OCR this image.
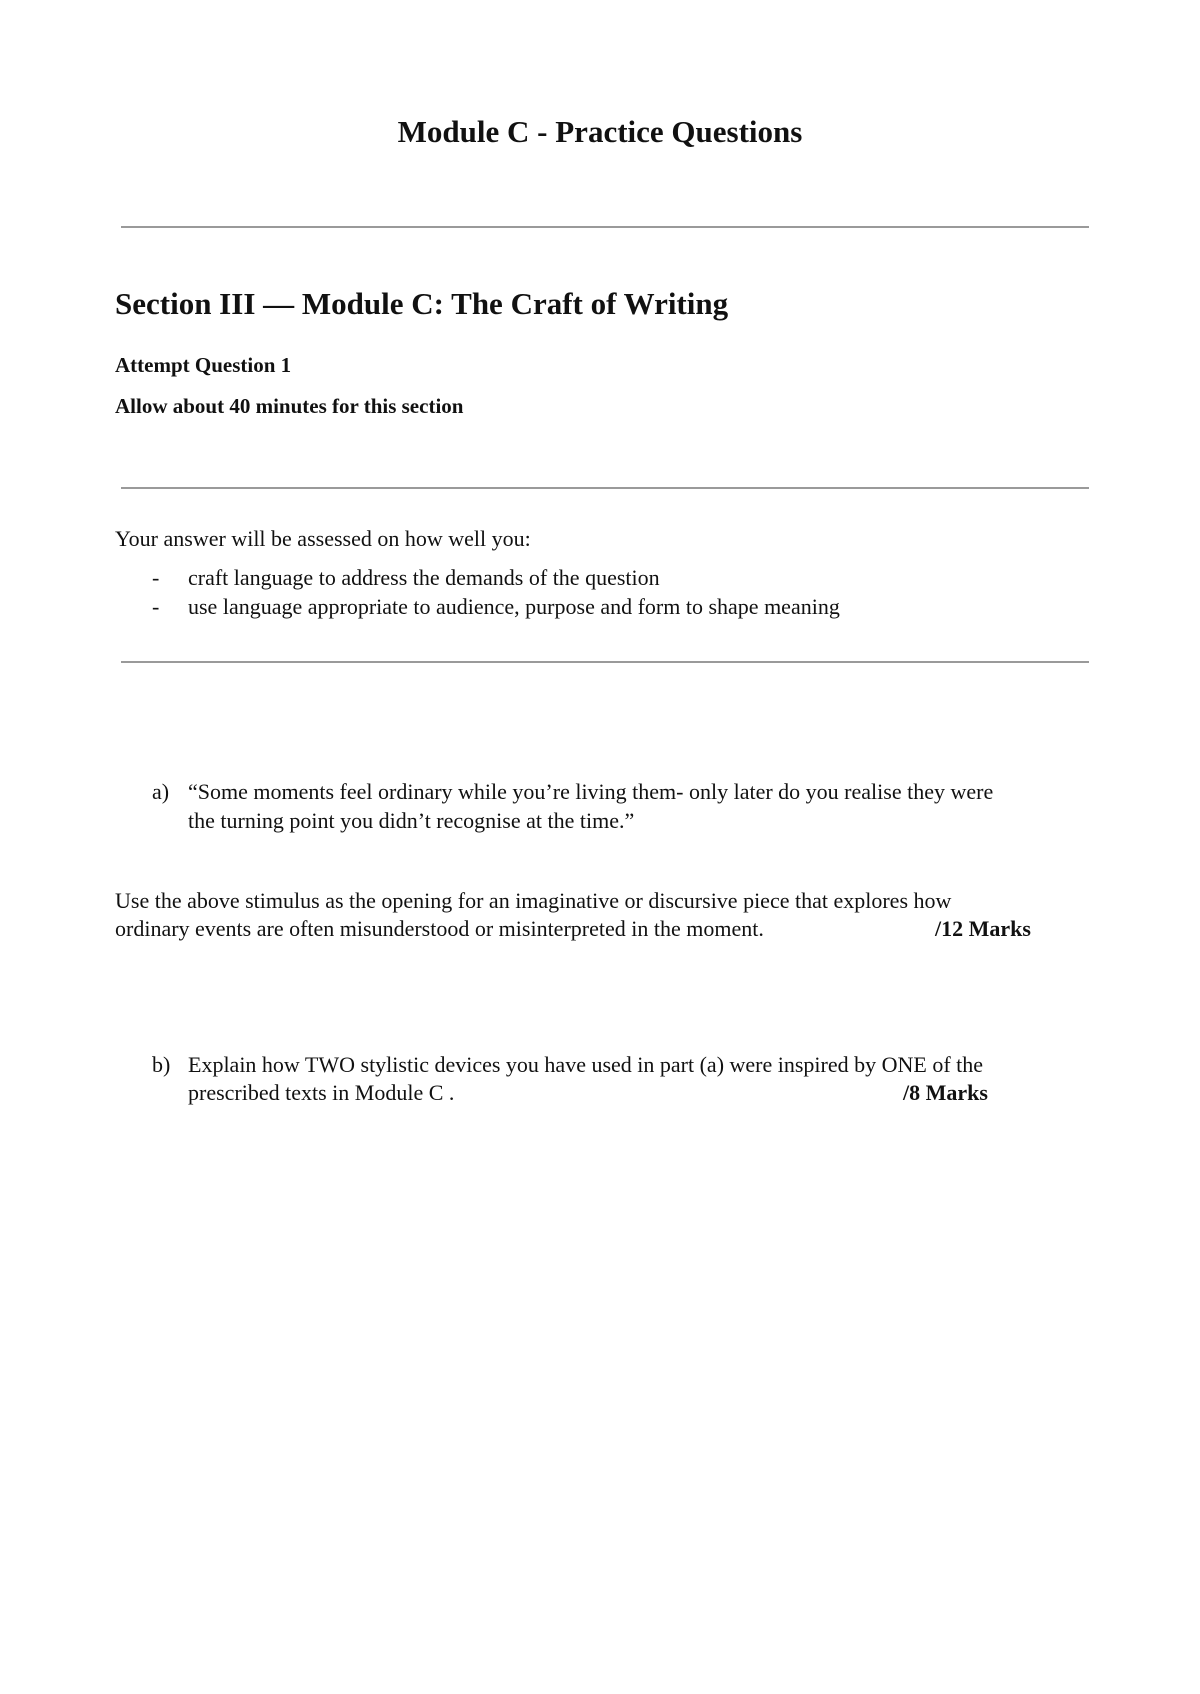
Module C - Practice Questions
Section III — Module C: The Craft of Writing

Attempt Question 1

Allow about 40 minutes for this section

Your answer will be assessed on how well you:

- craft language to address the demands of the question

- use language appropriate to audience, purpose and form to shape meaning

a) “Some moments feel ordinary while you’re living them- only later do you realise they were

the turning point you didn’t recognise at the time.”

Use the above stimulus as the opening for an imaginative or discursive piece that explores how

ordinary events are often misunderstood or misinterpreted in the moment.	/12 Marks
b) Explain how TWO stylistic devices you have used in part (a) were inspired by ONE of the

prescribed texts in Module C .	/8 Marks
